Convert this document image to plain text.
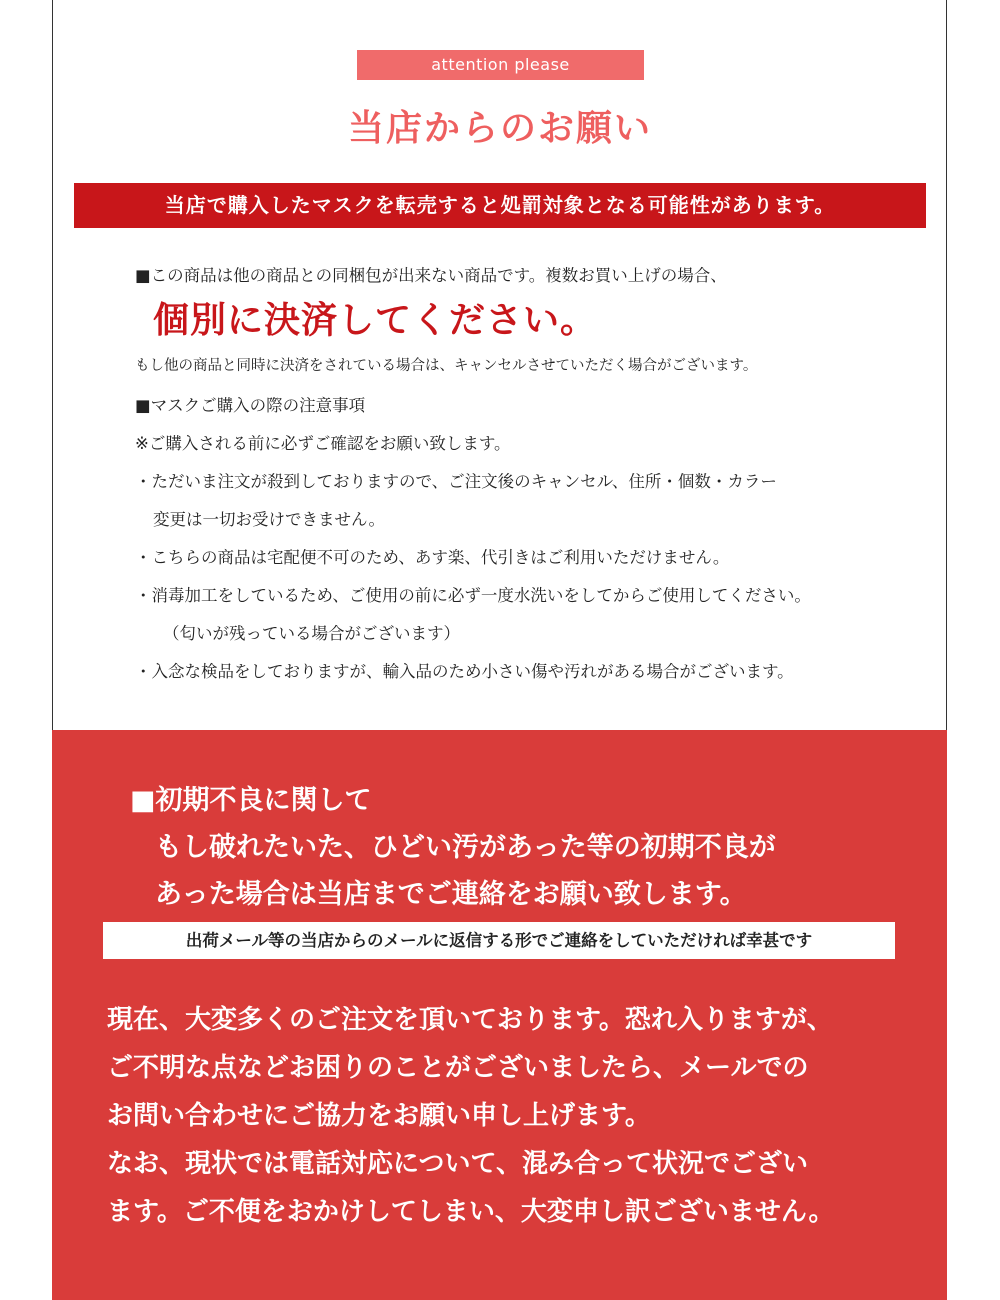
attention please
当店からのお願い
当店で購入したマスクを転売すると処罰対象となる可能性があります。
■この商品は他の商品との同梱包が出来ない商品です。複数お買い上げの場合、
個別に決済してください。
もし他の商品と同時に決済をされている場合は、キャンセルさせていただく場合がございます。
■マスクご購入の際の注意事項
※ご購入される前に必ずご確認をお願い致します。
・ただいま注文が殺到しておりますので、ご注文後のキャンセル、住所・個数・カラー
変更は一切お受けできません。
・こちらの商品は宅配便不可のため、あす楽、代引きはご利用いただけません。
・消毒加工をしているため、ご使用の前に必ず一度水洗いをしてからご使用してください。
（匂いが残っている場合がございます）
・入念な検品をしておりますが、輸入品のため小さい傷や汚れがある場合がございます。
■初期不良に関して
もし破れたいた、ひどい汚があった等の初期不良が
あった場合は当店までご連絡をお願い致します。
出荷メール等の当店からのメールに返信する形でご連絡をしていただければ幸甚です
現在、大変多くのご注文を頂いております。恐れ入りますが、
ご不明な点などお困りのことがございましたら、メールでの
お問い合わせにご協力をお願い申し上げます。
なお、現状では電話対応について、混み合って状況でござい
ます。ご不便をおかけしてしまい、大変申し訳ございません。
